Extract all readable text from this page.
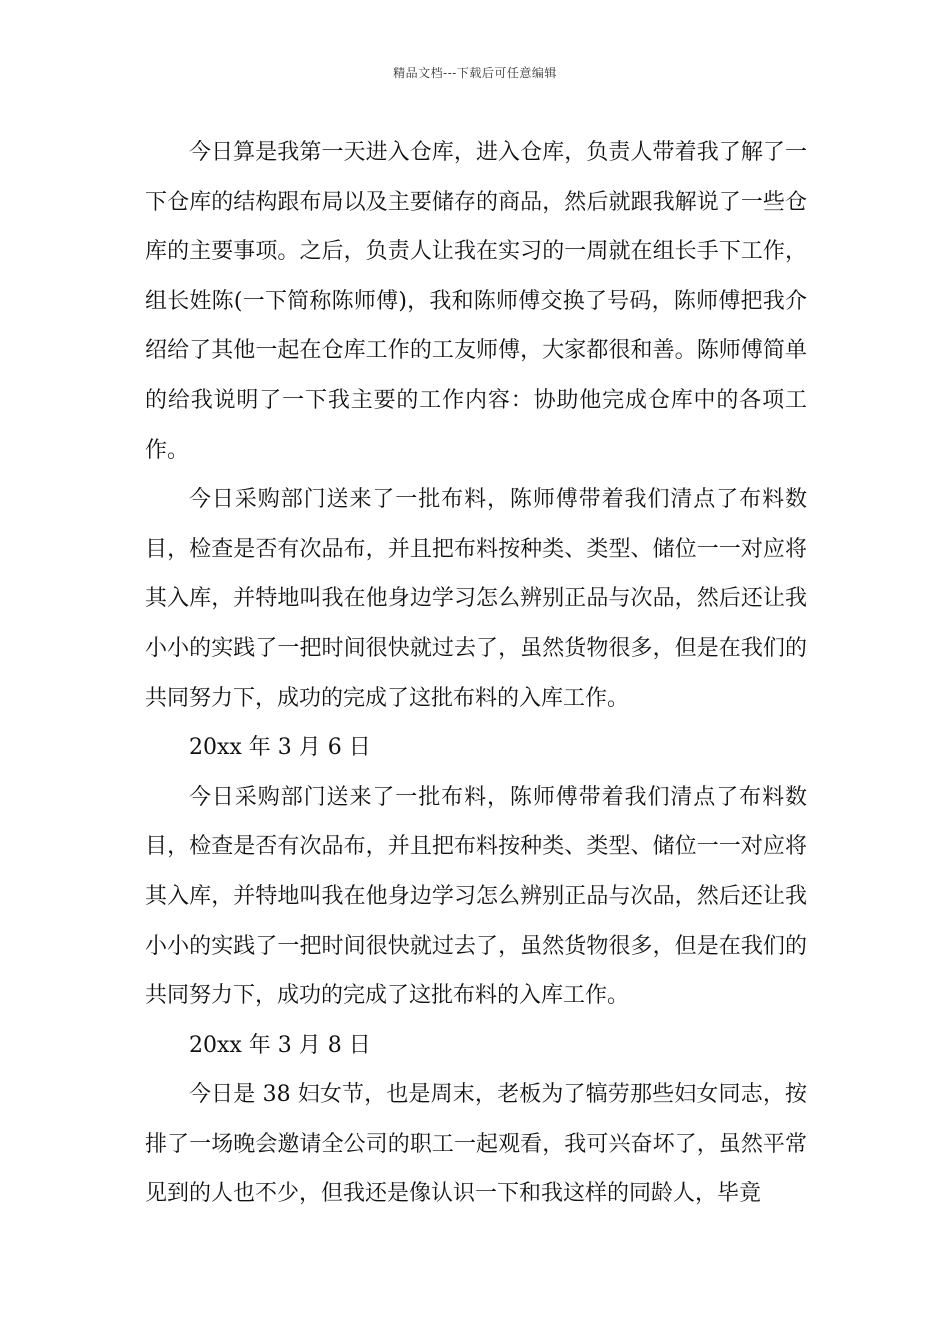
精品文档---下载后可任意编辑

今日算是我第一天进入仓库，进入仓库，负责人带着我了解了一下仓库的结构跟布局以及主要储存的商品，然后就跟我解说了一些仓库的主要事项。之后，负责人让我在实习的一周就在组长手下工作，组长姓陈(一下简称陈师傅)，我和陈师傅交换了号码，陈师傅把我介绍给了其他一起在仓库工作的工友师傅，大家都很和善。陈师傅简单的给我说明了一下我主要的工作内容：协助他完成仓库中的各项工作。

今日采购部门送来了一批布料，陈师傅带着我们清点了布料数目，检查是否有次品布，并且把布料按种类、类型、储位一一对应将其入库，并特地叫我在他身边学习怎么辨别正品与次品，然后还让我小小的实践了一把时间很快就过去了，虽然货物很多，但是在我们的共同努力下，成功的完成了这批布料的入库工作。

20xx 年 3 月 6 日

今日采购部门送来了一批布料，陈师傅带着我们清点了布料数目，检查是否有次品布，并且把布料按种类、类型、储位一一对应将其入库，并特地叫我在他身边学习怎么辨别正品与次品，然后还让我小小的实践了一把时间很快就过去了，虽然货物很多，但是在我们的共同努力下，成功的完成了这批布料的入库工作。

20xx 年 3 月 8 日

今日是 38 妇女节，也是周末，老板为了犒劳那些妇女同志，按排了一场晚会邀请全公司的职工一起观看，我可兴奋坏了，虽然平常见到的人也不少，但我还是像认识一下和我这样的同龄人，毕竟
